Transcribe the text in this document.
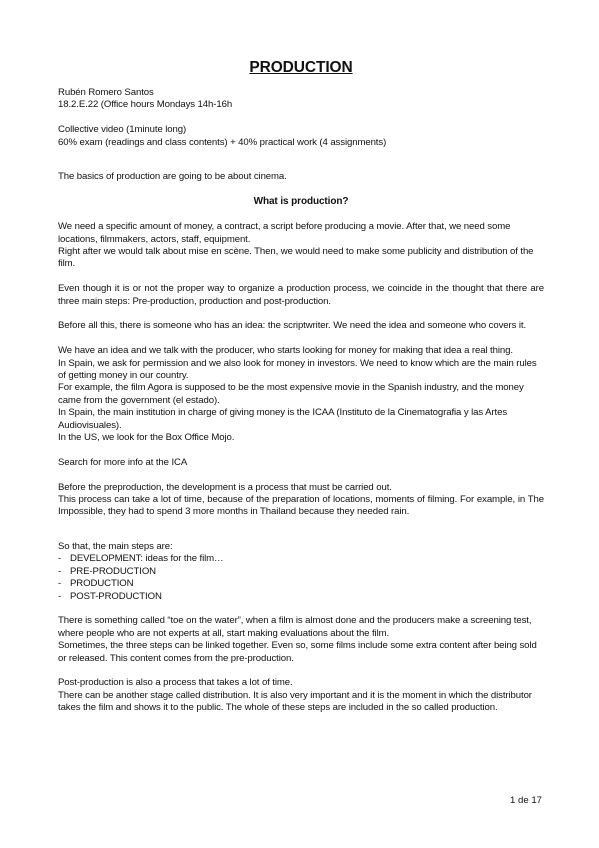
PRODUCTION

Rubén Romero Santos

18.2.E.22 (Office hours Mondays 14h-16h

Collective video (1minute long)

60% exam (readings and class contents) + 40% practical work (4 assignments)

The basics of production are going to be about cinema.

What is production?

We need a specific amount of money, a contract, a script before producing a movie. After that, we need some locations, filmmakers, actors, staff, equipment.

Right after we would talk about mise en scène. Then, we would need to make some publicity and distribution of the film.

Even though it is or not the proper way to organize a production process, we coincide in the thought that there are three main steps: Pre-production, production and post-production.

Before all this, there is someone who has an idea: the scriptwriter. We need the idea and someone who covers it.

We have an idea and we talk with the producer, who starts looking for money for making that idea a real thing.

In Spain, we ask for permission and we also look for money in investors. We need to know which are the main rules of getting money in our country.

For example, the film Agora is supposed to be the most expensive movie in the Spanish industry, and the money came from the government (el estado).

In Spain, the main institution in charge of giving money is the ICAA (Instituto de la Cinematografia y las Artes Audiovisuales).

In the US, we look for the Box Office Mojo.

Search for more info at the ICA

Before the preproduction, the development is a process that must be carried out.

This process can take a lot of time, because of the preparation of locations, moments of filming. For example, in The Impossible, they had to spend 3 more months in Thailand because they needed rain.

So that, the main steps are:

- DEVELOPMENT: ideas for the film…
- PRE-PRODUCTION
- PRODUCTION
- POST-PRODUCTION

There is something called “toe on the water”, when a film is almost done and the producers make a screening test, where people who are not experts at all, start making evaluations about the film.

Sometimes, the three steps can be linked together. Even so, some films include some extra content after being sold or released. This content comes from the pre-production.

Post-production is also a process that takes a lot of time.

There can be another stage called distribution. It is also very important and it is the moment in which the distributor takes the film and shows it to the public. The whole of these steps are included in the so called production.

1 de 17
